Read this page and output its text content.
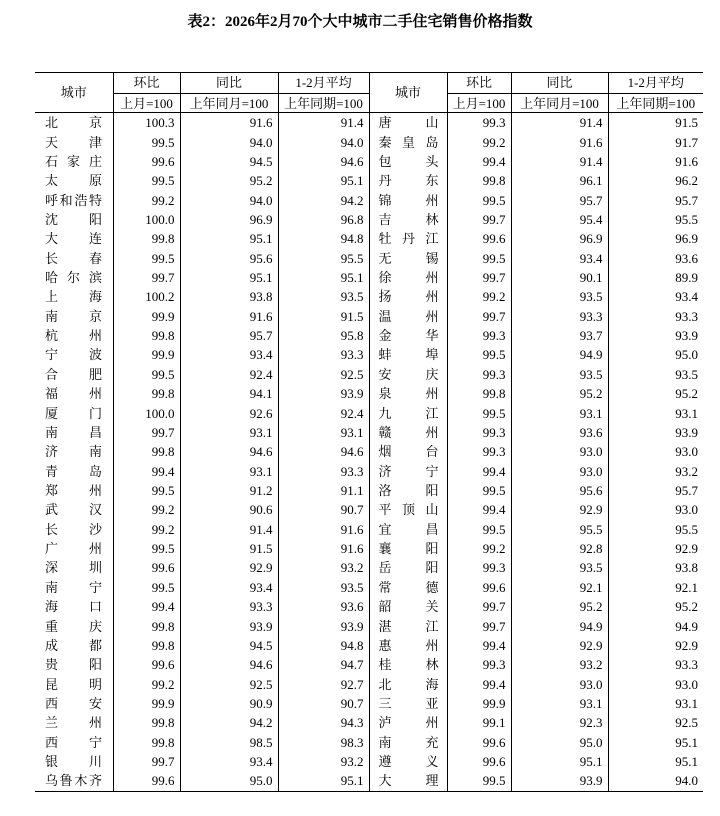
表2：2026年2月70个大中城市二手住宅销售价格指数
城市	环比	同比	1-2月平均	城市	环比	同比	1-2月平均
	上月=100	上年同月=100	上年同期=100		上月=100	上年同月=100	上年同期=100

北京	100.3	91.6	91.4	唐山	99.3	91.4	91.5

天津	99.5	94.0	94.0	秦皇岛	99.2	91.6	91.7

石家庄	99.6	94.5	94.6	包头	99.4	91.4	91.6

太原	99.5	95.2	95.1	丹东	99.8	96.1	96.2

呼和浩特	99.2	94.0	94.2	锦州	99.5	95.7	95.7

沈阳	100.0	96.9	96.8	吉林	99.7	95.4	95.5

大连	99.8	95.1	94.8	牡丹江	99.6	96.9	96.9

长春	99.5	95.6	95.5	无锡	99.5	93.4	93.6

哈尔滨	99.7	95.1	95.1	徐州	99.7	90.1	89.9

上海	100.2	93.8	93.5	扬州	99.2	93.5	93.4

南京	99.9	91.6	91.5	温州	99.7	93.3	93.3

杭州	99.8	95.7	95.8	金华	99.3	93.7	93.9

宁波	99.9	93.4	93.3	蚌埠	99.5	94.9	95.0

合肥	99.5	92.4	92.5	安庆	99.3	93.5	93.5

福州	99.8	94.1	93.9	泉州	99.8	95.2	95.2

厦门	100.0	92.6	92.4	九江	99.5	93.1	93.1

南昌	99.7	93.1	93.1	赣州	99.3	93.6	93.9

济南	99.8	94.6	94.6	烟台	99.3	93.0	93.0

青岛	99.4	93.1	93.3	济宁	99.4	93.0	93.2

郑州	99.5	91.2	91.1	洛阳	99.5	95.6	95.7

武汉	99.2	90.6	90.7	平顶山	99.4	92.9	93.0

长沙	99.2	91.4	91.6	宜昌	99.5	95.5	95.5

广州	99.5	91.5	91.6	襄阳	99.2	92.8	92.9

深圳	99.6	92.9	93.2	岳阳	99.3	93.5	93.8

南宁	99.5	93.4	93.5	常德	99.6	92.1	92.1

海口	99.4	93.3	93.6	韶关	99.7	95.2	95.2

重庆	99.8	93.9	93.9	湛江	99.7	94.9	94.9

成都	99.8	94.5	94.8	惠州	99.4	92.9	92.9

贵阳	99.6	94.6	94.7	桂林	99.3	93.2	93.3

昆明	99.2	92.5	92.7	北海	99.4	93.0	93.0

西安	99.9	90.9	90.7	三亚	99.9	93.1	93.1

兰州	99.8	94.2	94.3	泸州	99.1	92.3	92.5

西宁	99.8	98.5	98.3	南充	99.6	95.0	95.1

银川	99.7	93.4	93.2	遵义	99.6	95.1	95.1

乌鲁木齐	99.6	95.0	95.1	大理	99.5	93.9	94.0
